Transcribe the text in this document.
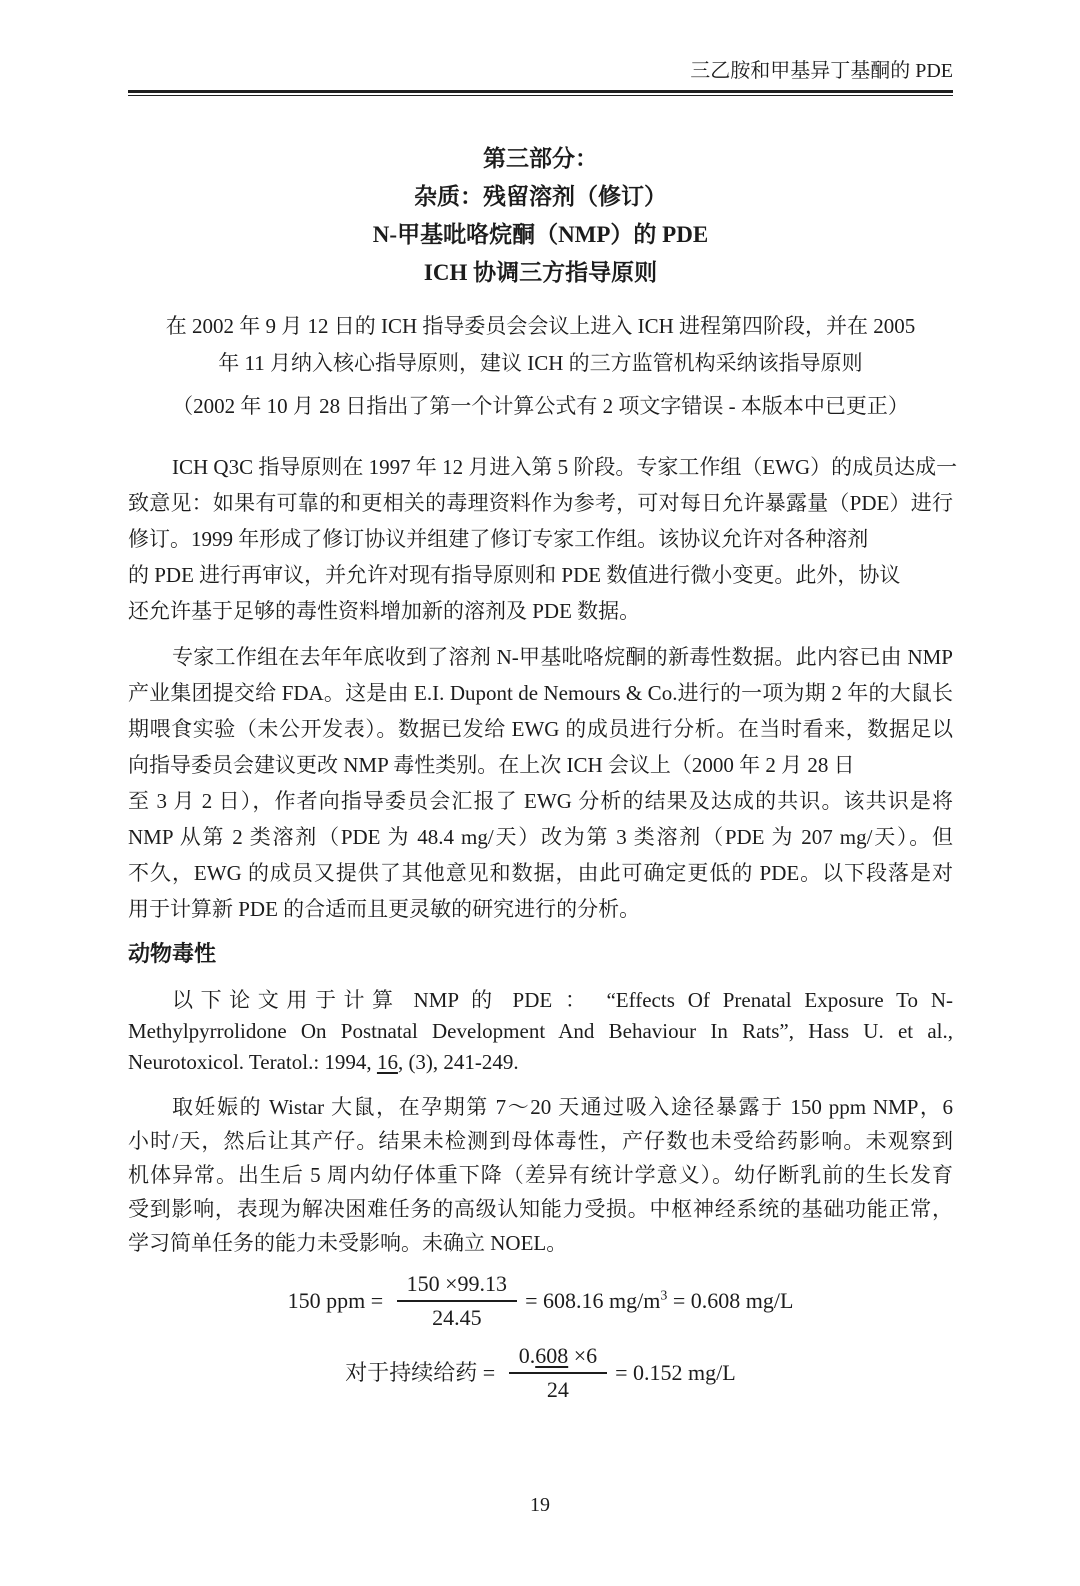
三乙胺和甲基异丁基酮的 PDE
第三部分：
杂质：残留溶剂（修订）
N-甲基吡咯烷酮（NMP）的 PDE
ICH 协调三方指导原则
在 2002 年 9 月 12 日的 ICH 指导委员会会议上进入 ICH 进程第四阶段，并在 2005
年 11 月纳入核心指导原则，建议 ICH 的三方监管机构采纳该指导原则
（2002 年 10 月 28 日指出了第一个计算公式有 2 项文字错误 - 本版本中已更正）
ICH Q3C 指导原则在 1997 年 12 月进入第 5 阶段。专家工作组（EWG）的成员达成一
致意见：如果有可靠的和更相关的毒理资料作为参考，可对每日允许暴露量（PDE）进行
修订。1999 年形成了修订协议并组建了修订专家工作组。该协议允许对各种溶剂
的 PDE 进行再审议，并允许对现有指导原则和 PDE 数值进行微小变更。此外，协议
还允许基于足够的毒性资料增加新的溶剂及 PDE 数据。
专家工作组在去年年底收到了溶剂 N-甲基吡咯烷酮的新毒性数据。此内容已由 NMP
产业集团提交给 FDA。这是由 E.I. Dupont de Nemours & Co.进行的一项为期 2 年的大鼠长
期喂食实验（未公开发表）。数据已发给 EWG 的成员进行分析。在当时看来，数据足以
向指导委员会建议更改 NMP 毒性类别。在上次 ICH 会议上（2000 年 2 月 28 日
至 3 月 2 日），作者向指导委员会汇报了 EWG 分析的结果及达成的共识。该共识是将
NMP 从第 2 类溶剂（PDE 为 48.4 mg/天）改为第 3 类溶剂（PDE 为 207 mg/天）。但
不久，EWG 的成员又提供了其他意见和数据，由此可确定更低的 PDE。以下段落是对
用于计算新 PDE 的合适而且更灵敏的研究进行的分析。
动物毒性
以下论文用于计算 NMP 的 PDE ： “Effects Of Prenatal Exposure To N-
Methylpyrrolidone On Postnatal Development And Behaviour In Rats”, Hass U. et al.,
Neurotoxicol. Teratol.: 1994, 16, (3), 241-249.
取妊娠的 Wistar 大鼠，在孕期第 7～20 天通过吸入途径暴露于 150 ppm NMP，6
小时/天，然后让其产仔。结果未检测到母体毒性，产仔数也未受给药影响。未观察到
机体异常。出生后 5 周内幼仔体重下降（差异有统计学意义）。幼仔断乳前的生长发育
受到影响，表现为解决困难任务的高级认知能力受损。中枢神经系统的基础功能正常，
学习简单任务的能力未受影响。未确立 NOEL。
150 ppm = $\frac{150 \times 99.13}{24.45} = 608.16$ $mg/m^3 = 0.608$ mg/L
对于持续给药 = $\frac{0.608 \times 6}{24} = 0.152$ mg/L
19
